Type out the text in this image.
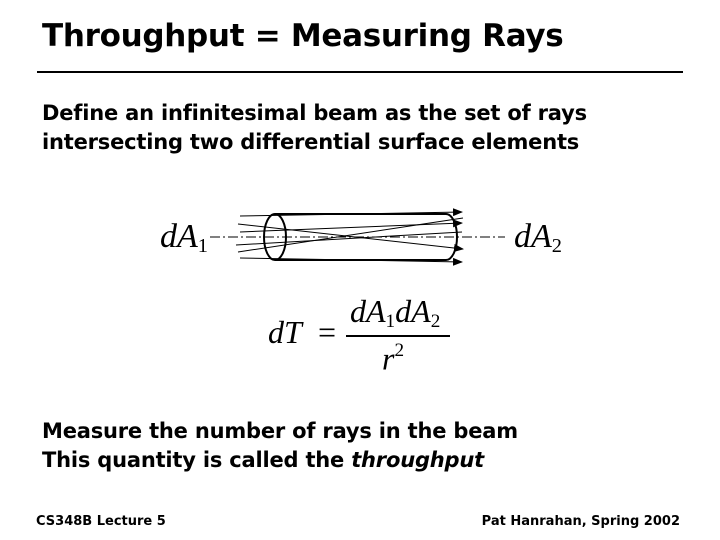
Throughput = Measuring Rays
Define an infinitesimal beam as the set of rays
intersecting two differential surface elements
$dA_1$	$dA_2$
dT =
$dA_1dA_2$
$r^2$
Measure the number of rays in the beam
This quantity is called the throughput
CS348B Lecture 5	Pat Hanrahan, Spring 2002
